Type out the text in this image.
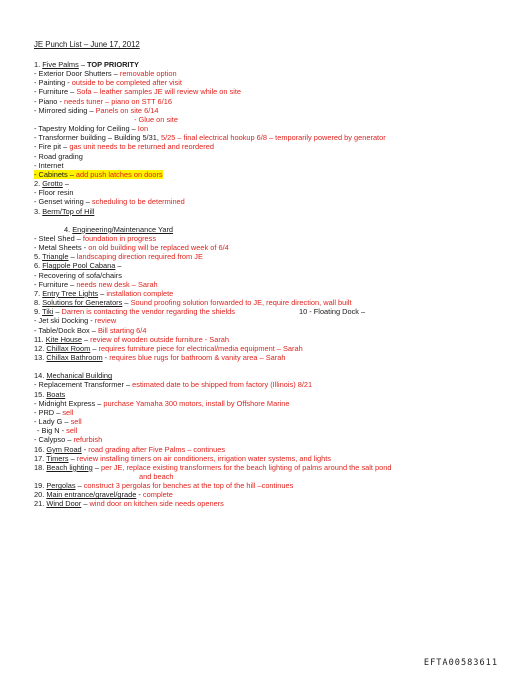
JE Punch List – June 17, 2012
1. Five Palms – TOP PRIORITY
- Exterior Door Shutters – removable option
- Painting - outside to be completed after visit
- Furniture – Sofa – leather samples JE will review while on site
- Piano - needs tuner – piano on STT 6/16
- Mirrored siding – Panels on site 6/14
- Glue on site
- Tapestry Molding for Ceiling – Ion
- Transformer building – Building 5/31, 5/25 – final electrical hookup 6/8 – temporarily powered by generator
- Fire pit – gas unit needs to be returned and reordered
- Road grading
- Internet
- Cabinets – add push latches on doors
2. Grotto –
- Floor resin
- Genset wiring – scheduling to be determined
3. Berm/Top of Hill
4. Engineering/Maintenance Yard
- Steel Shed – foundation in progress
- Metal Sheets - on old building will be replaced week of 6/4
5. Triangle – landscaping direction required from JE
6. Flagpole Pool Cabana –
- Recovering of sofa/chairs
- Furniture – needs new desk – Sarah
7. Entry Tree Lights – installation complete
8. Solutions for Generators – Sound proofing solution forwarded to JE, require direction, wall built
9. Tiki – Darren is contacting the vendor regarding the shields	10 - Floating Dock –
- Jet ski Docking - review
- Table/Dock Box – Bill starting 6/4
11. Kite House – review of wooden outside furniture - Sarah
12. Chillax Room – requires furniture piece for electrical/media equipment – Sarah
13. Chillax Bathroom - requires blue rugs for bathroom & vanity area – Sarah
14. Mechanical Building
- Replacement Transformer – estimated date to be shipped from factory (Illinois) 8/21
15. Boats
- Midnight Express – purchase Yamaha 300 motors, install by Offshore Marine
- PRD – sell
- Lady G – sell
- Big N - sell
- Calypso – refurbish
16. Gym Road - road grading after Five Palms – continues
17. Timers – review installing timers on air conditioners, irrigation water systems, and lights
18. Beach lighting – per JE, replace existing transformers for the beach lighting of palms around the salt pond
and beach
19. Pergolas – construct 3 pergolas for benches at the top of the hill –continues
20. Main entrance/gravel/grade - complete
21. Wind Door – wind door on kitchen side needs openers
EFTA00583611
